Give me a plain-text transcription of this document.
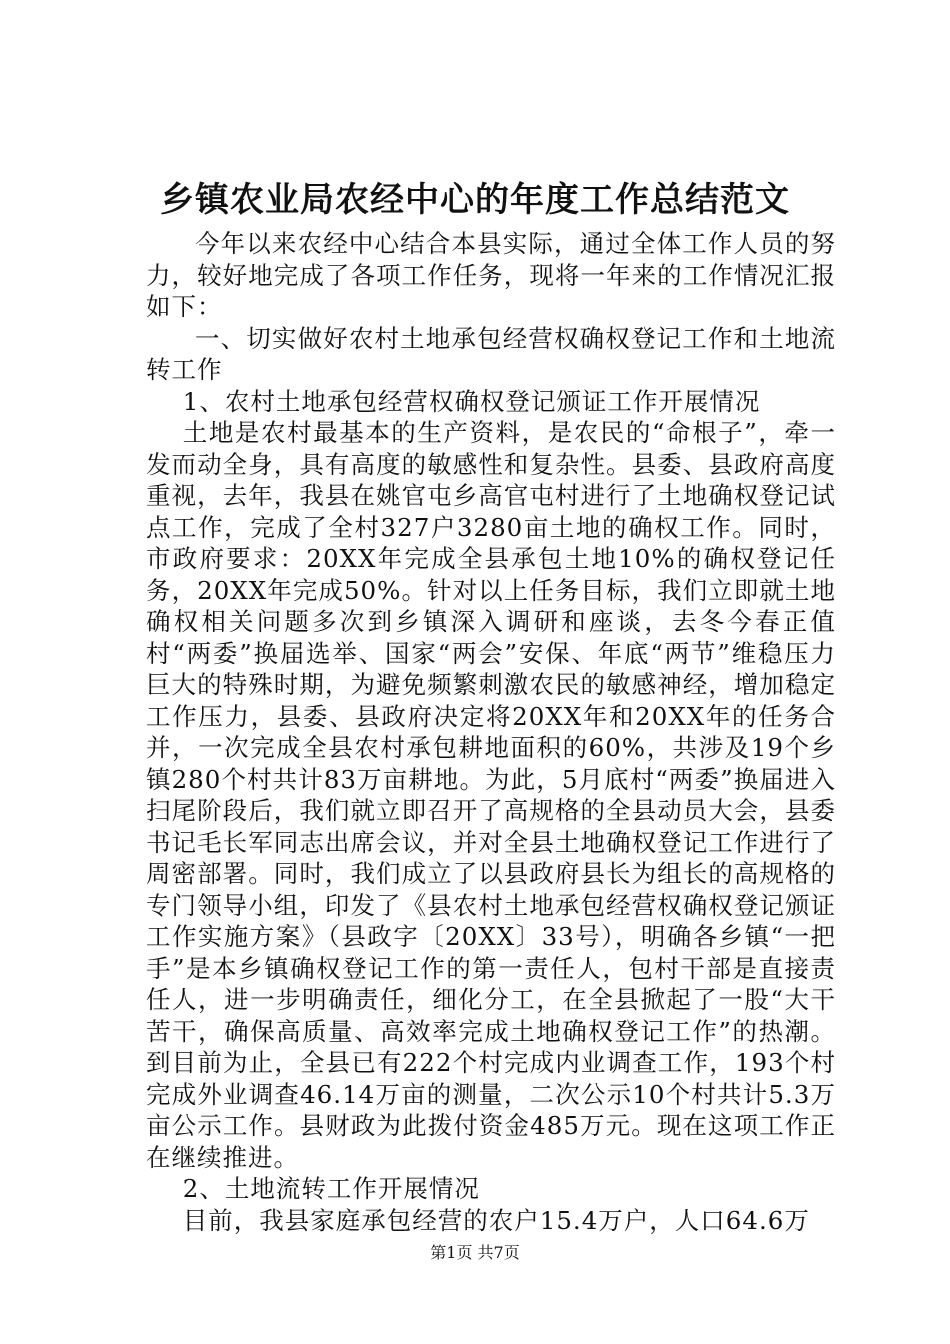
乡镇农业局农经中心的年度工作总结范文

今年以来农经中心结合本县实际，通过全体工作人员的努力，较好地完成了各项工作任务，现将一年来的工作情况汇报如下：

一、切实做好农村土地承包经营权确权登记工作和土地流转工作

1、农村土地承包经营权确权登记颁证工作开展情况

土地是农村最基本的生产资料，是农民的“命根子”，牵一发而动全身，具有高度的敏感性和复杂性。县委、县政府高度重视，去年，我县在姚官屯乡高官屯村进行了土地确权登记试点工作，完成了全村327户3280亩土地的确权工作。同时，市政府要求：20XX年完成全县承包土地10%的确权登记任务，20XX年完成50%。针对以上任务目标，我们立即就土地确权相关问题多次到乡镇深入调研和座谈，去冬今春正值村“两委”换届选举、国家“两会”安保、年底“两节”维稳压力巨大的特殊时期，为避免频繁刺激农民的敏感神经，增加稳定工作压力，县委、县政府决定将20XX年和20XX年的任务合并，一次完成全县农村承包耕地面积的60%，共涉及19个乡镇280个村共计83万亩耕地。为此，5月底村“两委”换届进入扫尾阶段后，我们就立即召开了高规格的全县动员大会，县委书记毛长军同志出席会议，并对全县土地确权登记工作进行了周密部署。同时，我们成立了以县政府县长为组长的高规格的专门领导小组，印发了《县农村土地承包经营权确权登记颁证工作实施方案》（县政字〔20XX〕33号），明确各乡镇“一把手”是本乡镇确权登记工作的第一责任人，包村干部是直接责任人，进一步明确责任，细化分工，在全县掀起了一股“大干苦干，确保高质量、高效率完成土地确权登记工作”的热潮。到目前为止，全县已有222个村完成内业调查工作，193个村完成外业调查46.14万亩的测量，二次公示10个村共计5.3万亩公示工作。县财政为此拨付资金485万元。现在这项工作正在继续推进。

2、土地流转工作开展情况

目前，我县家庭承包经营的农户15.4万户，人口64.6万

第1页 共7页
